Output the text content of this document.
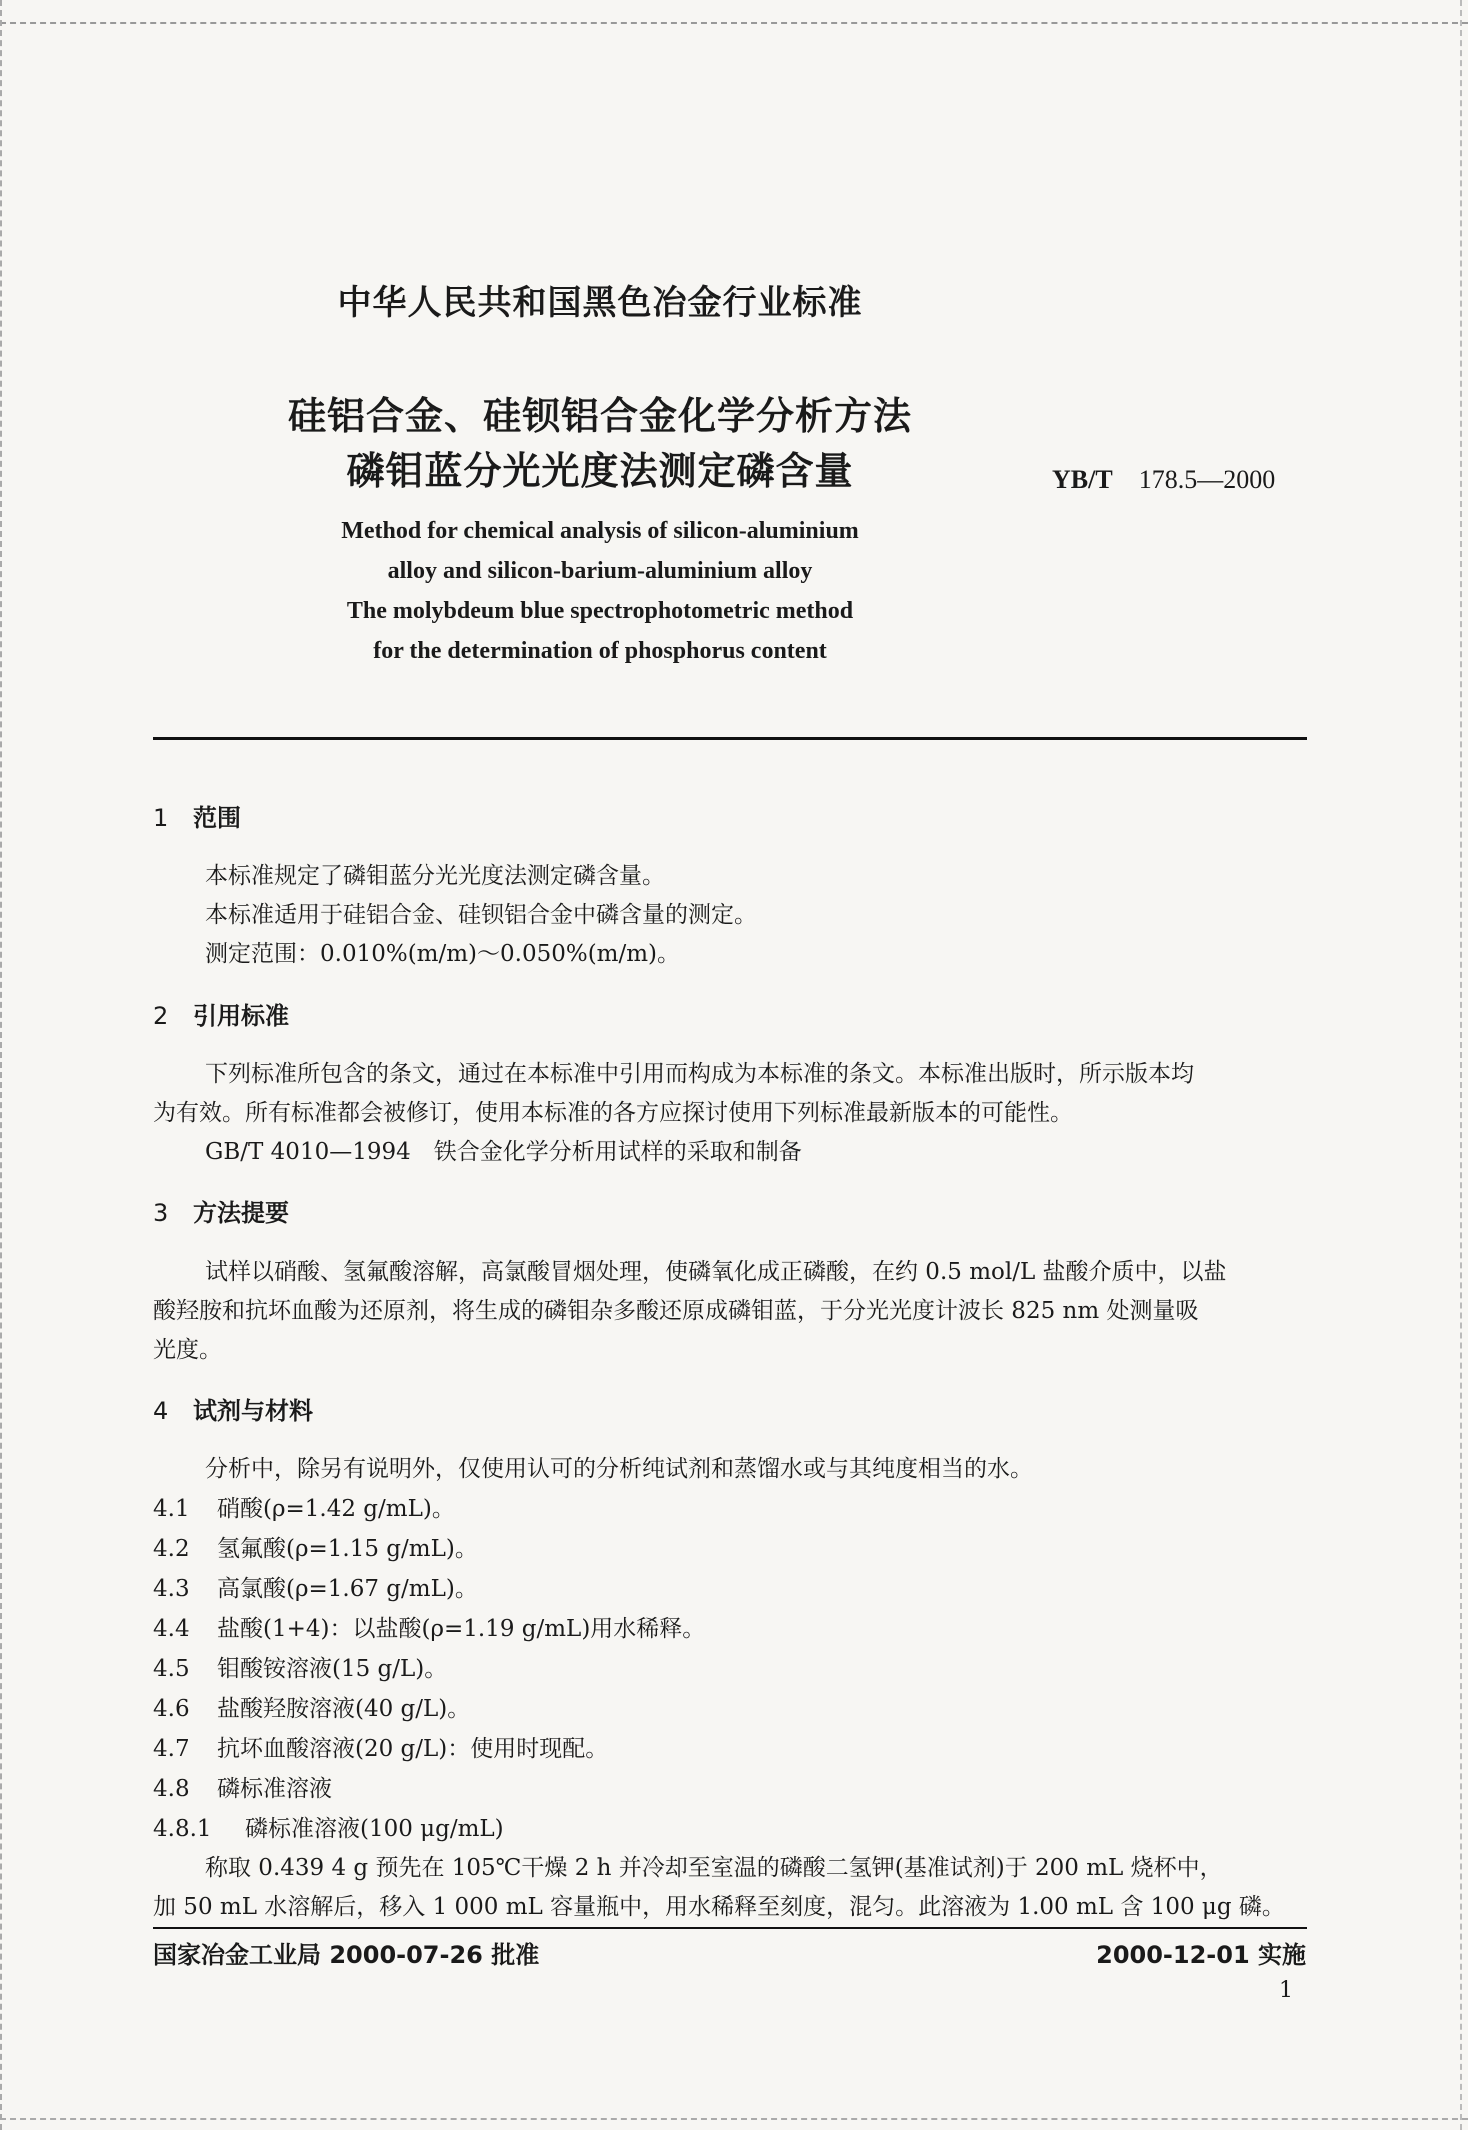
中华人民共和国黑色冶金行业标准
硅铝合金、硅钡铝合金化学分析方法
磷钼蓝分光光度法测定磷含量	YB/T 178.5—2000
Method for chemical analysis of silicon-aluminium
alloy and silicon-barium-aluminium alloy
The molybdeum blue spectrophotometric method
for the determination of phosphorus content
1 范围
本标准规定了磷钼蓝分光光度法测定磷含量。
本标准适用于硅铝合金、硅钡铝合金中磷含量的测定。
测定范围：0.010%(m/m)～0.050%(m/m)。
2 引用标准
下列标准所包含的条文，通过在本标准中引用而构成为本标准的条文。本标准出版时，所示版本均
为有效。所有标准都会被修订，使用本标准的各方应探讨使用下列标准最新版本的可能性。
GB/T 4010—1994　铁合金化学分析用试样的采取和制备
3 方法提要
试样以硝酸、氢氟酸溶解，高氯酸冒烟处理，使磷氧化成正磷酸，在约 0.5 mol/L 盐酸介质中，以盐
酸羟胺和抗坏血酸为还原剂，将生成的磷钼杂多酸还原成磷钼蓝，于分光光度计波长 825 nm 处测量吸
光度。
4 试剂与材料
分析中，除另有说明外，仅使用认可的分析纯试剂和蒸馏水或与其纯度相当的水。
4.1 硝酸(ρ=1.42 g/mL)。
4.2 氢氟酸(ρ=1.15 g/mL)。
4.3 高氯酸(ρ=1.67 g/mL)。
4.4 盐酸(1+4)：以盐酸(ρ=1.19 g/mL)用水稀释。
4.5 钼酸铵溶液(15 g/L)。
4.6 盐酸羟胺溶液(40 g/L)。
4.7 抗坏血酸溶液(20 g/L)：使用时现配。
4.8 磷标准溶液
4.8.1 磷标准溶液(100 μg/mL)
称取 0.439 4 g 预先在 105℃干燥 2 h 并冷却至室温的磷酸二氢钾(基准试剂)于 200 mL 烧杯中，
加 50 mL 水溶解后，移入 1 000 mL 容量瓶中，用水稀释至刻度，混匀。此溶液为 1.00 mL 含 100 μg 磷。
国家冶金工业局 2000-07-26 批准	2000-12-01 实施
1
